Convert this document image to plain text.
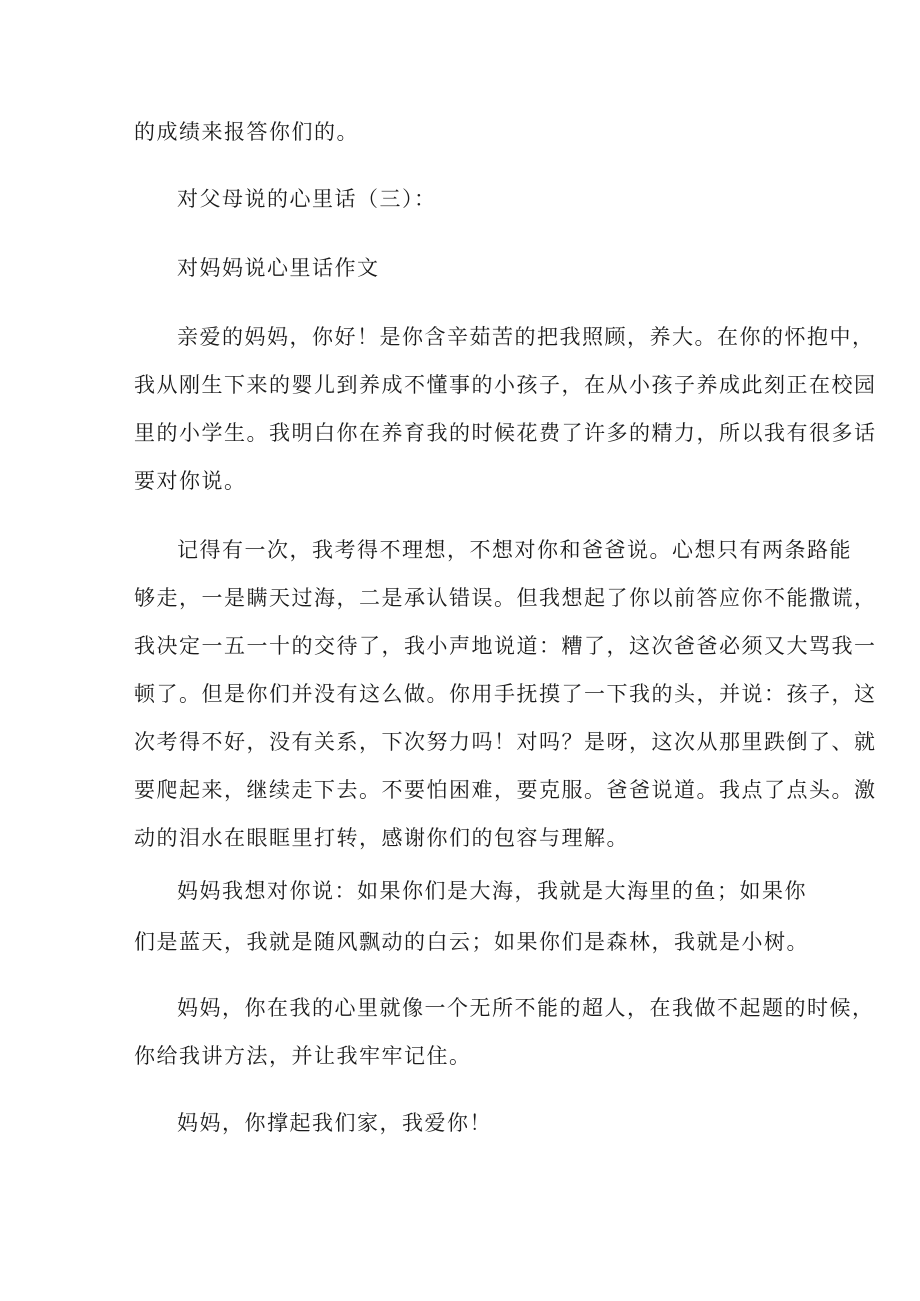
的成绩来报答你们的。
对父母说的心里话（三）：
对妈妈说心里话作文
亲爱的妈妈，你好！是你含辛茹苦的把我照顾，养大。在你的怀抱中，
我从刚生下来的婴儿到养成不懂事的小孩子，在从小孩子养成此刻正在校园
里的小学生。我明白你在养育我的时候花费了许多的精力，所以我有很多话
要对你说。
记得有一次，我考得不理想，不想对你和爸爸说。心想只有两条路能
够走，一是瞒天过海，二是承认错误。但我想起了你以前答应你不能撒谎，
我决定一五一十的交待了，我小声地说道：糟了，这次爸爸必须又大骂我一
顿了。但是你们并没有这么做。你用手抚摸了一下我的头，并说：孩子，这
次考得不好，没有关系，下次努力吗！对吗？是呀，这次从那里跌倒了、就
要爬起来，继续走下去。不要怕困难，要克服。爸爸说道。我点了点头。激
动的泪水在眼眶里打转，感谢你们的包容与理解。
妈妈我想对你说：如果你们是大海，我就是大海里的鱼；如果你
们是蓝天，我就是随风飘动的白云；如果你们是森林，我就是小树。
妈妈，你在我的心里就像一个无所不能的超人，在我做不起题的时候，
你给我讲方法，并让我牢牢记住。
妈妈，你撑起我们家，我爱你！
